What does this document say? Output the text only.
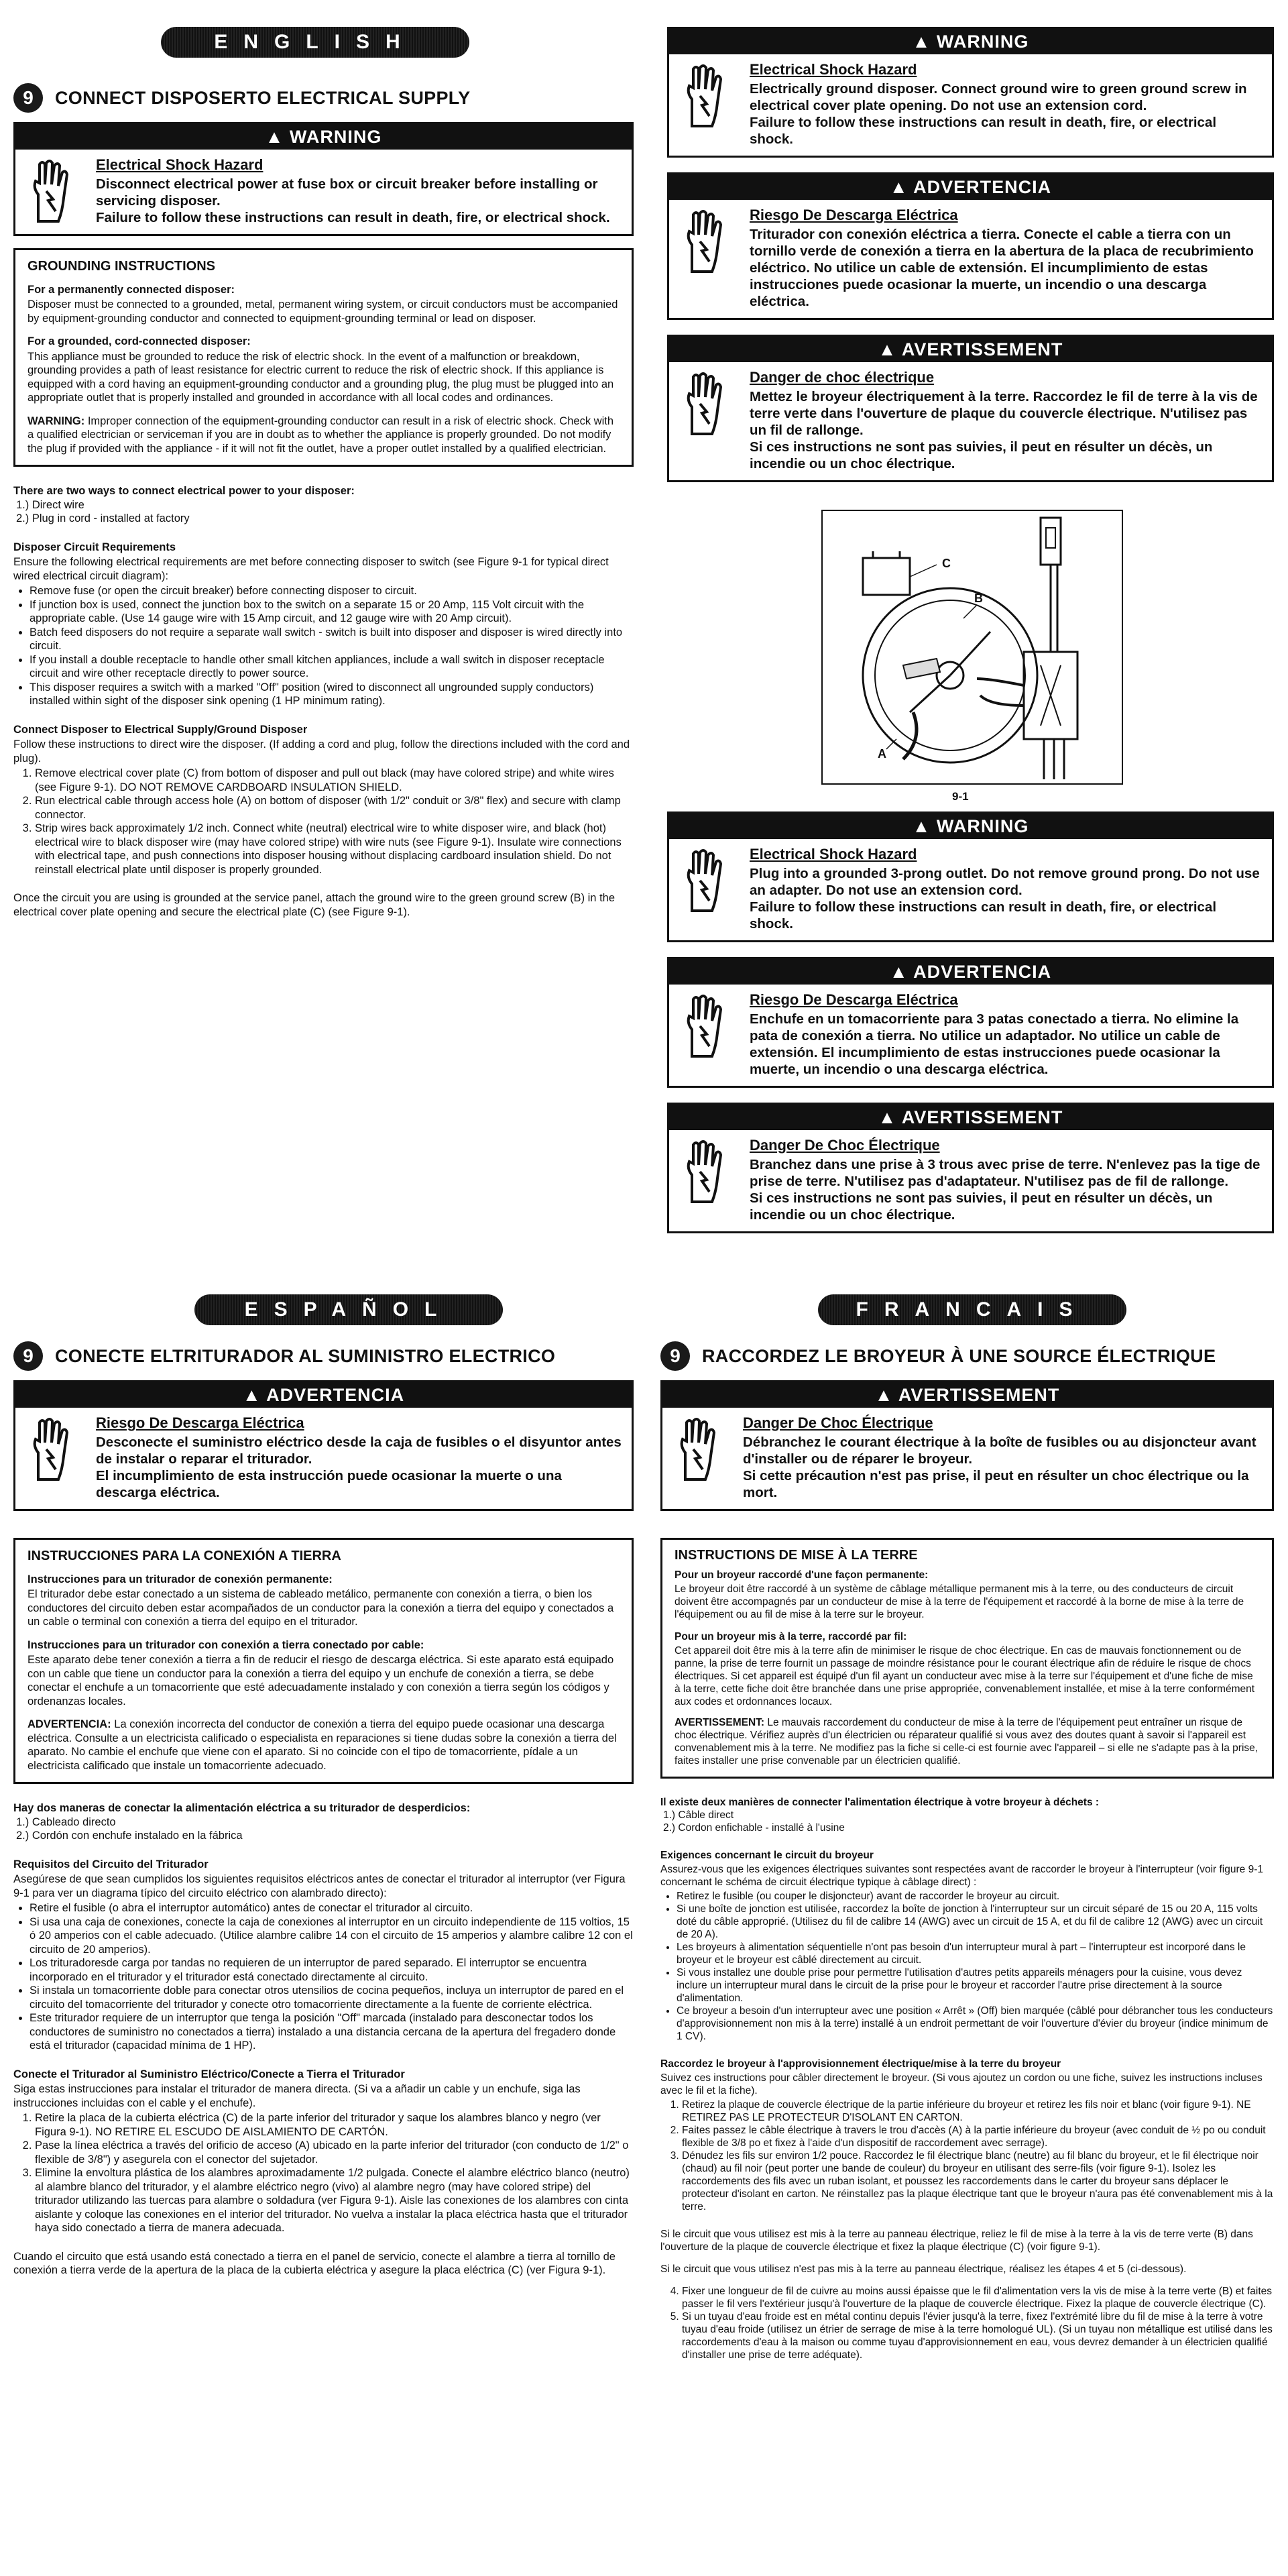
ENGLISH
9	CONNECT DISPOSERTO ELECTRICAL SUPPLY
▲ WARNING
Electrical Shock Hazard
Disconnect electrical power at fuse box or circuit breaker before installing or servicing disposer.
Failure to follow these instructions can result in death, fire, or electrical shock.
GROUNDING INSTRUCTIONS
For a permanently connected disposer:

Disposer must be connected to a grounded, metal, permanent wiring system, or circuit conductors must be accompanied by equipment-grounding conductor and connected to equipment-grounding terminal or lead on disposer.

For a grounded, cord-connected disposer:

This appliance must be grounded to reduce the risk of electric shock. In the event of a malfunction or breakdown, grounding provides a path of least resistance for electric current to reduce the risk of electric shock. If this appliance is equipped with a cord having an equipment-grounding conductor and a grounding plug, the plug must be plugged into an appropriate outlet that is properly installed and grounded in accordance with all local codes and ordinances.

WARNING: Improper connection of the equipment-grounding conductor can result in a risk of electric shock. Check with a qualified electrician or serviceman if you are in doubt as to whether the appliance is properly grounded. Do not modify the plug if provided with the appliance - if it will not fit the outlet, have a proper outlet installed by a qualified electrician.

There are two ways to connect electrical power to your disposer:
1.) Direct wire
2.) Plug in cord - installed at factory
Disposer Circuit Requirements

Ensure the following electrical requirements are met before connecting disposer to switch (see Figure 9-1 for typical direct wired electrical circuit diagram):

• Remove fuse (or open the circuit breaker) before connecting disposer to circuit.
• If junction box is used, connect the junction box to the switch on a separate 15 or 20 Amp, 115 Volt circuit with the appropriate cable. (Use 14 gauge wire with 15 Amp circuit, and 12 gauge wire with 20 Amp circuit).
• Batch feed disposers do not require a separate wall switch - switch is built into disposer and disposer is wired directly into circuit.
• If you install a double receptacle to handle other small kitchen appliances, include a wall switch in disposer receptacle circuit and wire other receptacle directly to power source.
• This disposer requires a switch with a marked "Off" position (wired to disconnect all ungrounded supply conductors) installed within sight of the disposer sink opening (1 HP minimum rating).
Connect Disposer to Electrical Supply/Ground Disposer

Follow these instructions to direct wire the disposer. (If adding a cord and plug, follow the directions included with the cord and plug).

1. Remove electrical cover plate (C) from bottom of disposer and pull out black (may have colored stripe) and white wires (see Figure 9-1). DO NOT REMOVE CARDBOARD INSULATION SHIELD.
2. Run electrical cable through access hole (A) on bottom of disposer (with 1/2" conduit or 3/8" flex) and secure with clamp connector.
3. Strip wires back approximately 1/2 inch. Connect white (neutral) electrical wire to white disposer wire, and black (hot) electrical wire to black disposer wire (may have colored stripe) with wire nuts (see Figure 9-1). Insulate wire connections with electrical tape, and push connections into disposer housing without displacing cardboard insulation shield. Do not reinstall electrical plate until disposer is properly grounded.

Once the circuit you are using is grounded at the service panel, attach the ground wire to the green ground screw (B) in the electrical cover plate opening and secure the electrical plate (C) (see Figure 9-1).

▲ WARNING
Electrical Shock Hazard
Electrically ground disposer. Connect ground wire to green ground screw in electrical cover plate opening. Do not use an extension cord.
Failure to follow these instructions can result in death, fire, or electrical shock.
▲ ADVERTENCIA
Riesgo De Descarga Eléctrica
Triturador con conexión eléctrica a tierra. Conecte el cable a tierra con un tornillo verde de conexión a tierra en la abertura de la placa de recubrimiento eléctrico. No utilice un cable de extensión. El incumplimiento de estas instrucciones puede ocasionar la muerte, un incendio o una descarga eléctrica.
▲ AVERTISSEMENT
Danger de choc électrique
Mettez le broyeur électriquement à la terre. Raccordez le fil de terre à la vis de terre verte dans l'ouverture de plaque du couvercle électrique. N'utilisez pas un fil de rallonge.
Si ces instructions ne sont pas suivies, il peut en résulter un décès, un incendie ou un choc électrique.
C
B
A
9-1
▲ WARNING
Electrical Shock Hazard
Plug into a grounded 3-prong outlet. Do not remove ground prong. Do not use an adapter. Do not use an extension cord.
Failure to follow these instructions can result in death, fire, or electrical shock.
▲ ADVERTENCIA
Riesgo De Descarga Eléctrica
Enchufe en un tomacorriente para 3 patas conectado a tierra. No elimine la pata de conexión a tierra. No utilice un adaptador. No utilice un cable de extensión. El incumplimiento de estas instrucciones puede ocasionar la muerte, un incendio o una descarga eléctrica.
▲ AVERTISSEMENT
Danger De Choc Électrique
Branchez dans une prise à 3 trous avec prise de terre. N'enlevez pas la tige de prise de terre. N'utilisez pas d'adaptateur. N'utilisez pas de fil de rallonge.
Si ces instructions ne sont pas suivies, il peut en résulter un décès, un incendie ou un choc électrique.
ESPAÑOL	FRANCAIS
9	CONECTE ELTRITURADOR AL SUMINISTRO ELECTRICO
▲ ADVERTENCIA
Riesgo De Descarga Eléctrica
Desconecte el suministro eléctrico desde la caja de fusibles o el disyuntor antes de instalar o reparar el triturador.
El incumplimiento de esta instrucción puede ocasionar la muerte o una descarga eléctrica.
INSTRUCCIONES PARA LA CONEXIÓN A TIERRA
Instrucciones para un triturador de conexión permanente:

El triturador debe estar conectado a un sistema de cableado metálico, permanente con conexión a tierra, o bien los conductores del circuito deben estar acompañados de un conductor para la conexión a tierra del equipo y conectados a un cable o terminal con conexión a tierra del equipo en el triturador.

Instrucciones para un triturador con conexión a tierra conectado por cable:

Este aparato debe tener conexión a tierra a fin de reducir el riesgo de descarga eléctrica. Si este aparato está equipado con un cable que tiene un conductor para la conexión a tierra del equipo y un enchufe de conexión a tierra, se debe conectar el enchufe a un tomacorriente que esté adecuadamente instalado y con conexión a tierra según los códigos y ordenanzas locales.

ADVERTENCIA: La conexión incorrecta del conductor de conexión a tierra del equipo puede ocasionar una descarga eléctrica. Consulte a un electricista calificado o especialista en reparaciones si tiene dudas sobre la conexión a tierra del aparato. No cambie el enchufe que viene con el aparato. Si no coincide con el tipo de tomacorriente, pídale a un electricista calificado que instale un tomacorriente adecuado.

Hay dos maneras de conectar la alimentación eléctrica a su triturador de desperdicios:
1.) Cableado directo
2.) Cordón con enchufe instalado en la fábrica
Requisitos del Circuito del Triturador

Asegúrese de que sean cumplidos los siguientes requisitos eléctricos antes de conectar el triturador al interruptor (ver Figura 9-1 para ver un diagrama típico del circuito eléctrico con alambrado directo):

• Retire el fusible (o abra el interruptor automático) antes de conectar el triturador al circuito.
• Si usa una caja de conexiones, conecte la caja de conexiones al interruptor en un circuito independiente de 115 voltios, 15 ó 20 amperios con el cable adecuado. (Utilice alambre calibre 14 con el circuito de 15 amperios y alambre calibre 12 con el circuito de 20 amperios).
• Los trituradoresde carga por tandas no requieren de un interruptor de pared separado. El interruptor se encuentra incorporado en el triturador y el triturador está conectado directamente al circuito.
• Si instala un tomacorriente doble para conectar otros utensilios de cocina pequeños, incluya un interruptor de pared en el circuito del tomacorriente del triturador y conecte otro tomacorriente directamente a la fuente de corriente eléctrica.
• Este triturador requiere de un interruptor que tenga la posición "Off" marcada (instalado para desconectar todos los conductores de suministro no conectados a tierra) instalado a una distancia cercana de la apertura del fregadero donde está el triturador (capacidad mínima de 1 HP).
Conecte el Triturador al Suministro Eléctrico/Conecte a Tierra el Triturador

Siga estas instrucciones para instalar el triturador de manera directa. (Si va a añadir un cable y un enchufe, siga las instrucciones incluidas con el cable y el enchufe).

1. Retire la placa de la cubierta eléctrica (C) de la parte inferior del triturador y saque los alambres blanco y negro (ver Figura 9-1). NO RETIRE EL ESCUDO DE AISLAMIENTO DE CARTÓN.
2. Pase la línea eléctrica a través del orificio de acceso (A) ubicado en la parte inferior del triturador (con conducto de 1/2" o flexible de 3/8") y asegurela con el conector del sujetador.
3. Elimine la envoltura plástica de los alambres aproximadamente 1/2 pulgada. Conecte el alambre eléctrico blanco (neutro) al alambre blanco del triturador, y el alambre eléctrico negro (vivo) al alambre negro (may have colored stripe) del triturador utilizando las tuercas para alambre o soldadura (ver Figura 9-1). Aisle las conexiones de los alambres con cinta aislante y coloque las conexiones en el interior del triturador. No vuelva a instalar la placa eléctrica hasta que el triturador haya sido conectado a tierra de manera adecuada.

Cuando el circuito que está usando está conectado a tierra en el panel de servicio, conecte el alambre a tierra al tornillo de conexión a tierra verde de la apertura de la placa de la cubierta eléctrica y asegure la placa eléctrica (C) (ver Figura 9-1).

9	RACCORDEZ LE BROYEUR À UNE SOURCE ÉLECTRIQUE
▲ AVERTISSEMENT
Danger De Choc Électrique
Débranchez le courant électrique à la boîte de fusibles ou au disjoncteur avant d'installer ou de réparer le broyeur.
Si cette précaution n'est pas prise, il peut en résulter un choc électrique ou la mort.
INSTRUCTIONS DE MISE À LA TERRE
Pour un broyeur raccordé d'une façon permanente:

Le broyeur doit être raccordé à un système de câblage métallique permanent mis à la terre, ou des conducteurs de circuit doivent être accompagnés par un conducteur de mise à la terre de l'équipement et raccordé à la borne de mise à la terre de l'équipement ou au fil de mise à la terre sur le broyeur.

Pour un broyeur mis à la terre, raccordé par fil:

Cet appareil doit être mis à la terre afin de minimiser le risque de choc électrique. En cas de mauvais fonctionnement ou de panne, la prise de terre fournit un passage de moindre résistance pour le courant électrique afin de réduire le risque de chocs électriques. Si cet appareil est équipé d'un fil ayant un conducteur avec mise à la terre sur l'équipement et d'une fiche de mise à la terre, cette fiche doit être branchée dans une prise appropriée, convenablement installée, et mise à la terre conformément aux codes et ordonnances locaux.

AVERTISSEMENT: Le mauvais raccordement du conducteur de mise à la terre de l'équipement peut entraîner un risque de choc électrique. Vérifiez auprès d'un électricien ou réparateur qualifié si vous avez des doutes quant à savoir si l'appareil est convenablement mis à la terre. Ne modifiez pas la fiche si celle-ci est fournie avec l'appareil – si elle ne s'adapte pas à la prise, faites installer une prise convenable par un électricien qualifié.

Il existe deux manières de connecter l'alimentation électrique à votre broyeur à déchets :
1.) Câble direct
2.) Cordon enfichable - installé à l'usine
Exigences concernant le circuit du broyeur

Assurez-vous que les exigences électriques suivantes sont respectées avant de raccorder le broyeur à l'interrupteur (voir figure 9-1 concernant le schéma de circuit électrique typique à câblage direct) :

• Retirez le fusible (ou couper le disjoncteur) avant de raccorder le broyeur au circuit.
• Si une boîte de jonction est utilisée, raccordez la boîte de jonction à l'interrupteur sur un circuit séparé de 15 ou 20 A, 115 volts doté du câble approprié. (Utilisez du fil de calibre 14 (AWG) avec un circuit de 15 A, et du fil de calibre 12 (AWG) avec un circuit de 20 A).
• Les broyeurs à alimentation séquentielle n'ont pas besoin d'un interrupteur mural à part – l'interrupteur est incorporé dans le broyeur et le broyeur est câblé directement au circuit.
• Si vous installez une double prise pour permettre l'utilisation d'autres petits appareils ménagers pour la cuisine, vous devez inclure un interrupteur mural dans le circuit de la prise pour le broyeur et raccorder l'autre prise directement à la source d'alimentation.
• Ce broyeur a besoin d'un interrupteur avec une position « Arrêt » (Off) bien marquée (câblé pour débrancher tous les conducteurs d'approvisionnement non mis à la terre) installé à un endroit permettant de voir l'ouverture d'évier du broyeur (indice minimum de 1 CV).
Raccordez le broyeur à l'approvisionnement électrique/mise à la terre du broyeur

Suivez ces instructions pour câbler directement le broyeur. (Si vous ajoutez un cordon ou une fiche, suivez les instructions incluses avec le fil et la fiche).

1. Retirez la plaque de couvercle électrique de la partie inférieure du broyeur et retirez les fils noir et blanc (voir figure 9-1). NE RETIREZ PAS LE PROTECTEUR D'ISOLANT EN CARTON.
2. Faites passez le câble électrique à travers le trou d'accès (A) à la partie inférieure du broyeur (avec conduit de ½ po ou conduit flexible de 3/8 po et fixez à l'aide d'un dispositif de raccordement avec serrage).
3. Dénudez les fils sur environ 1/2 pouce. Raccordez le fil électrique blanc (neutre) au fil blanc du broyeur, et le fil électrique noir (chaud) au fil noir (peut porter une bande de couleur) du broyeur en utilisant des serre-fils (voir figure 9-1). Isolez les raccordements des fils avec un ruban isolant, et poussez les raccordements dans le carter du broyeur sans déplacer le protecteur d'isolant en carton. Ne réinstallez pas la plaque électrique tant que le broyeur n'aura pas été convenablement mis à la terre.

Si le circuit que vous utilisez est mis à la terre au panneau électrique, reliez le fil de mise à la terre à la vis de terre verte (B) dans l'ouverture de la plaque de couvercle électrique et fixez la plaque électrique (C) (voir figure 9-1).

Si le circuit que vous utilisez n'est pas mis à la terre au panneau électrique, réalisez les étapes 4 et 5 (ci-dessous).

4. Fixer une longueur de fil de cuivre au moins aussi épaisse que le fil d'alimentation vers la vis de mise à la terre verte (B) et faites passer le fil vers l'extérieur jusqu'à l'ouverture de la plaque de couvercle électrique. Fixez la plaque de couvercle électrique (C).
5. Si un tuyau d'eau froide est en métal continu depuis l'évier jusqu'à la terre, fixez l'extrémité libre du fil de mise à la terre à votre tuyau d'eau froide (utilisez un étrier de serrage de mise à la terre homologué UL). (Si un tuyau non métallique est utilisé dans les raccordements d'eau à la maison ou comme tuyau d'approvisionnement en eau, vous devrez demander à un électricien qualifié d'installer une prise de terre adéquate).
